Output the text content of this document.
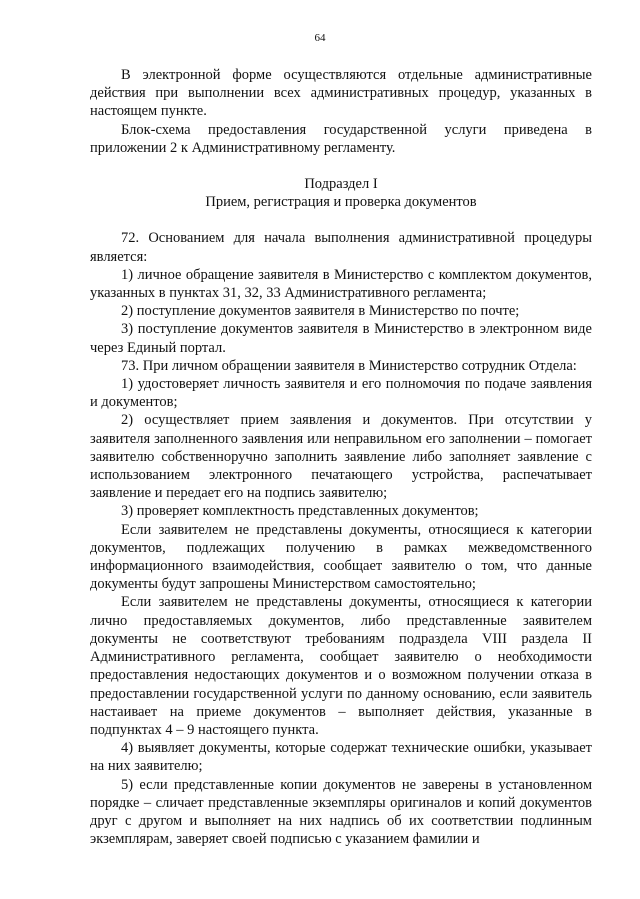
64

В электронной форме осуществляются отдельные административные действия при выполнении всех административных процедур, указанных в настоящем пункте.

Блок-схема предоставления государственной услуги приведена в приложении 2 к Административному регламенту.

Подраздел I

Прием, регистрация и проверка документов

72. Основанием для начала выполнения административной процедуры является:

1) личное обращение заявителя в Министерство с комплектом документов, указанных в пунктах 31, 32, 33 Административного регламента;

2) поступление документов заявителя в Министерство по почте;

3) поступление документов заявителя в Министерство в электронном виде через Единый портал.

73. При личном обращении заявителя в Министерство сотрудник Отдела:

1) удостоверяет личность заявителя и его полномочия по подаче заявления и документов;

2) осуществляет прием заявления и документов. При отсутствии у заявителя заполненного заявления или неправильном его заполнении – помогает заявителю собственноручно заполнить заявление либо заполняет заявление с использованием электронного печатающего устройства, распечатывает заявление и передает его на подпись заявителю;

3) проверяет комплектность представленных документов;

Если заявителем не представлены документы, относящиеся к категории документов, подлежащих получению в рамках межведомственного информационного взаимодействия, сообщает заявителю о том, что данные документы будут запрошены Министерством самостоятельно;

Если заявителем не представлены документы, относящиеся к категории лично предоставляемых документов, либо представленные заявителем документы не соответствуют требованиям подраздела VIII раздела II Административного регламента, сообщает заявителю о необходимости предоставления недостающих документов и о возможном получении отказа в предоставлении государственной услуги по данному основанию, если заявитель настаивает на приеме документов – выполняет действия, указанные в подпунктах 4 – 9 настоящего пункта.

4) выявляет документы, которые содержат технические ошибки, указывает на них заявителю;

5) если представленные копии документов не заверены в установленном порядке – сличает представленные экземпляры оригиналов и копий документов друг с другом и выполняет на них надпись об их соответствии подлинным экземплярам, заверяет своей подписью с указанием фамилии и
